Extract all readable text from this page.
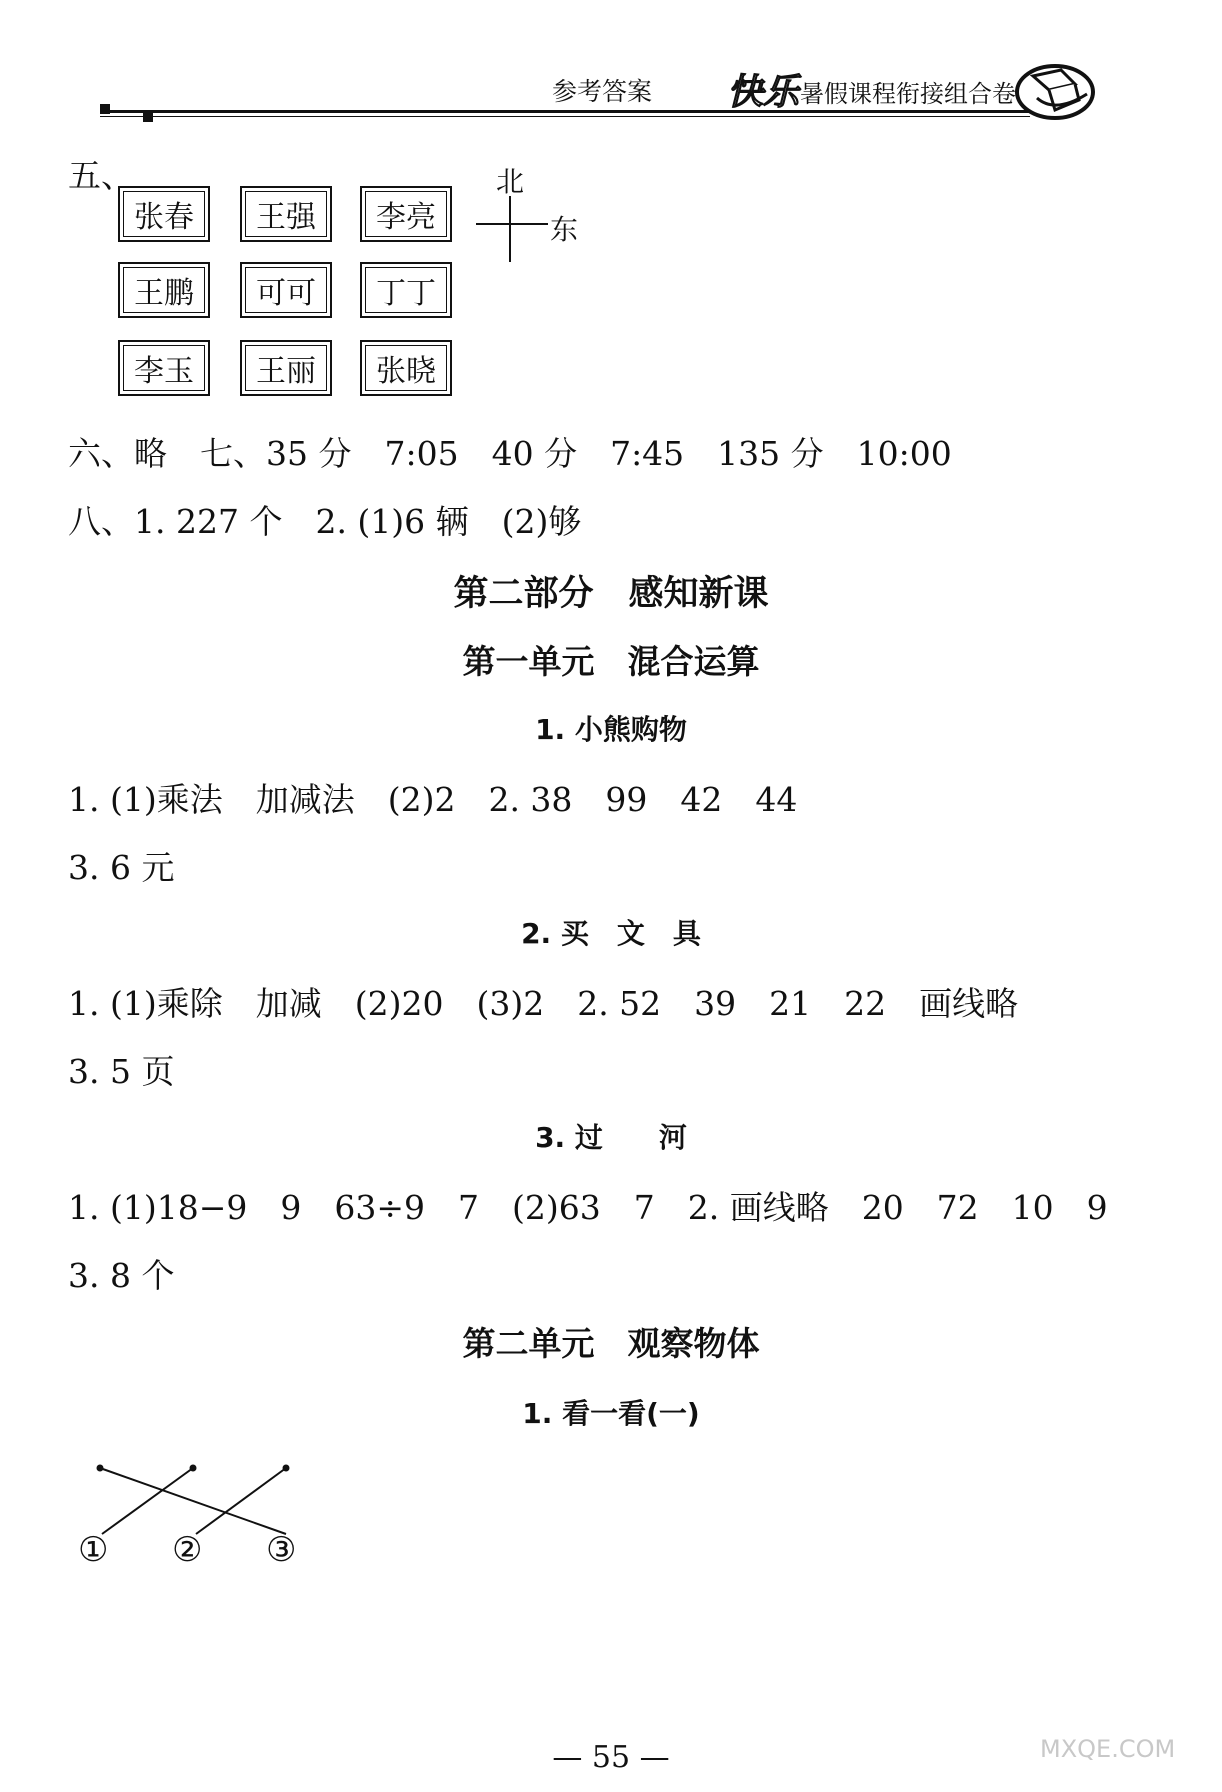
参考答案 快乐 暑假课程衔接组合卷
五、
张春	王强	李亮
王鹏	可可	丁丁
李玉	王丽	张晓
北
东
六、略　七、35 分　7:05　40 分　7:45　135 分　10:00
八、1. 227 个　2. (1)6 辆　(2)够
第二部分　感知新课
第一单元　混合运算
1. 小熊购物
1. (1)乘法　加减法　(2)2　2. 38　99　42　44
3. 6 元
2. 买　文　具
1. (1)乘除　加减　(2)20　(3)2　2. 52　39　21　22　画线略
3. 5 页
3. 过　　河
1. (1)18−9　9　63÷9　7　(2)63　7　2. 画线略　20　72　10　9
3. 8 个
第二单元　观察物体
1. 看一看(一)
① ② ③
— 55 —	MXQE.COM
